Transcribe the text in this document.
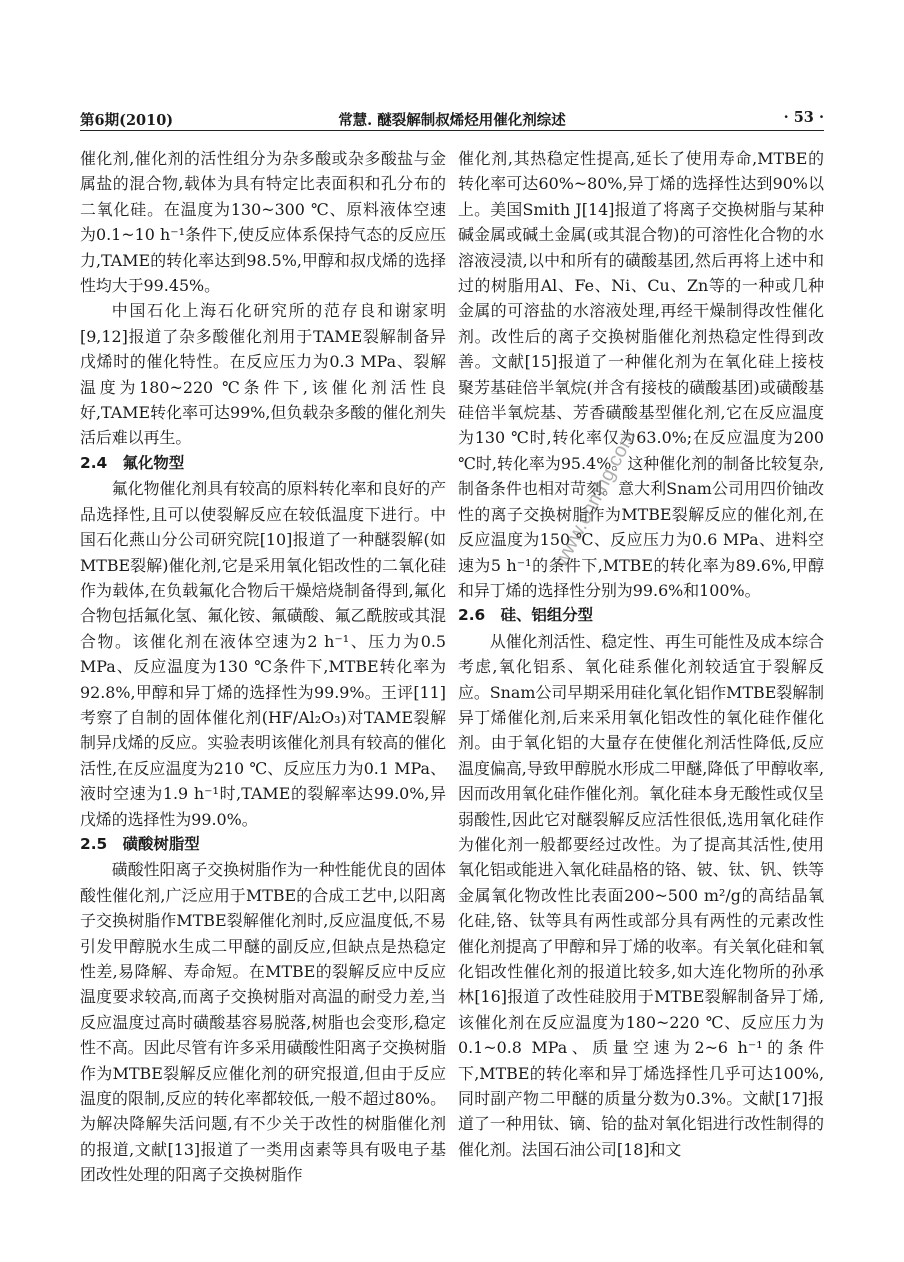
第6期(2010)	常慧. 醚裂解制叔烯烃用催化剂综述	· 53 ·

催化剂,催化剂的活性组分为杂多酸或杂多酸盐与金属盐的混合物,载体为具有特定比表面积和孔分布的二氧化硅。在温度为130~300 ℃、原料液体空速为0.1~10 h⁻¹条件下,使反应体系保持气态的反应压力,TAME的转化率达到98.5%,甲醇和叔戊烯的选择性均大于99.45%。

中国石化上海石化研究所的范存良和谢家明[9,12]报道了杂多酸催化剂用于TAME裂解制备异戊烯时的催化特性。在反应压力为0.3 MPa、裂解温度为180~220 ℃条件下,该催化剂活性良好,TAME转化率可达99%,但负载杂多酸的催化剂失活后难以再生。

2.4　氟化物型

氟化物催化剂具有较高的原料转化率和良好的产品选择性,且可以使裂解反应在较低温度下进行。中国石化燕山分公司研究院[10]报道了一种醚裂解(如MTBE裂解)催化剂,它是采用氧化铝改性的二氧化硅作为载体,在负载氟化合物后干燥焙烧制备得到,氟化合物包括氟化氢、氟化铵、氟磺酸、氟乙酰胺或其混合物。该催化剂在液体空速为2 h⁻¹、压力为0.5 MPa、反应温度为130 ℃条件下,MTBE转化率为92.8%,甲醇和异丁烯的选择性为99.9%。王评[11]考察了自制的固体催化剂(HF/Al₂O₃)对TAME裂解制异戊烯的反应。实验表明该催化剂具有较高的催化活性,在反应温度为210 ℃、反应压力为0.1 MPa、液时空速为1.9 h⁻¹时,TAME的裂解率达99.0%,异戊烯的选择性为99.0%。

2.5　磺酸树脂型

磺酸性阳离子交换树脂作为一种性能优良的固体酸性催化剂,广泛应用于MTBE的合成工艺中,以阳离子交换树脂作MTBE裂解催化剂时,反应温度低,不易引发甲醇脱水生成二甲醚的副反应,但缺点是热稳定性差,易降解、寿命短。在MTBE的裂解反应中反应温度要求较高,而离子交换树脂对高温的耐受力差,当反应温度过高时磺酸基容易脱落,树脂也会变形,稳定性不高。因此尽管有许多采用磺酸性阳离子交换树脂作为MTBE裂解反应催化剂的研究报道,但由于反应温度的限制,反应的转化率都较低,一般不超过80%。为解决降解失活问题,有不少关于改性的树脂催化剂的报道,文献[13]报道了一类用卤素等具有吸电子基团改性处理的阳离子交换树脂作

催化剂,其热稳定性提高,延长了使用寿命,MTBE的转化率可达60%~80%,异丁烯的选择性达到90%以上。美国Smith J[14]报道了将离子交换树脂与某种碱金属或碱土金属(或其混合物)的可溶性化合物的水溶液浸渍,以中和所有的磺酸基团,然后再将上述中和过的树脂用Al、Fe、Ni、Cu、Zn等的一种或几种金属的可溶盐的水溶液处理,再经干燥制得改性催化剂。改性后的离子交换树脂催化剂热稳定性得到改善。文献[15]报道了一种催化剂为在氧化硅上接枝聚芳基硅倍半氧烷(并含有接枝的磺酸基团)或磺酸基硅倍半氧烷基、芳香磺酸基型催化剂,它在反应温度为130 ℃时,转化率仅为63.0%;在反应温度为200 ℃时,转化率为95.4%。这种催化剂的制备比较复杂,制备条件也相对苛刻。意大利Snam公司用四价铀改性的离子交换树脂作为MTBE裂解反应的催化剂,在反应温度为150 ℃、反应压力为0.6 MPa、进料空速为5 h⁻¹的条件下,MTBE的转化率为89.6%,甲醇和异丁烯的选择性分别为99.6%和100%。

2.6　硅、铝组分型

从催化剂活性、稳定性、再生可能性及成本综合考虑,氧化铝系、氧化硅系催化剂较适宜于裂解反应。Snam公司早期采用硅化氧化铝作MTBE裂解制异丁烯催化剂,后来采用氧化铝改性的氧化硅作催化剂。由于氧化铝的大量存在使催化剂活性降低,反应温度偏高,导致甲醇脱水形成二甲醚,降低了甲醇收率,因而改用氧化硅作催化剂。氧化硅本身无酸性或仅呈弱酸性,因此它对醚裂解反应活性很低,选用氧化硅作为催化剂一般都要经过改性。为了提高其活性,使用氧化铝或能进入氧化硅晶格的铬、铍、钛、钒、铁等金属氧化物改性比表面200~500 m²/g的高结晶氧化硅,铬、钛等具有两性或部分具有两性的元素改性催化剂提高了甲醇和异丁烯的收率。有关氧化硅和氧化铝改性催化剂的报道比较多,如大连化物所的孙承林[16]报道了改性硅胶用于MTBE裂解制备异丁烯,该催化剂在反应温度为180~220 ℃、反应压力为0.1~0.8 MPa、质量空速为2~6 h⁻¹的条件下,MTBE的转化率和异丁烯选择性几乎可达100%,同时副产物二甲醚的质量分数为0.3%。文献[17]报道了一种用钛、镝、铪的盐对氧化铝进行改性制得的催化剂。法国石油公司[18]和文

www.cnmhg.com
